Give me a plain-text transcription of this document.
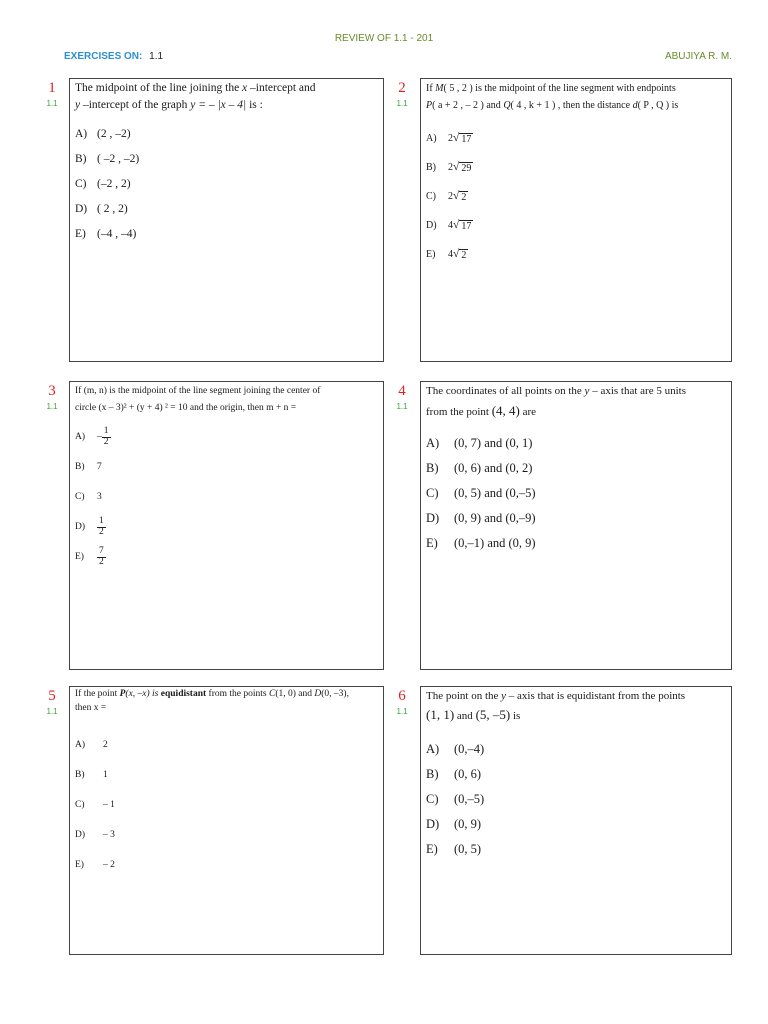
REVIEW OF 1.1 - 201
EXERCISES ON: 1.1	ABUJIYA R. M.
1
1.1
The midpoint of the line joining the x –intercept and
y –intercept of the graph y = – |x – 4| is :
A) (2 , –2)
B) ( –2 , –2)
C) (–2 , 2)
D) ( 2 , 2)
E) (–4 , –4)
2
1.1
If M( 5 , 2 ) is the midpoint of the line segment with endpoints
P( a + 2 , – 2 ) and Q( 4 , k + 1 ) , then the distance d( P , Q ) is
A)	2 √ 17
B)	2 √ 29
C)	2 √ 2
D)	4 √ 17
E)	4 √ 2
3
1.1
If (m, n) is the midpoint of the line segment joining the center of
circle (x – 3)² + (y + 4) ² = 10 and the origin, then m + n =
A)	– $\frac{1}{2}$
B)	7
C)	3
D)	$\frac{1}{2}$
E)	$\frac{7}{2}$
4
1.1
The coordinates of all points on the y – axis that are 5 units
from the point (4, 4) are
A)	(0, 7) and (0, 1)
B)	(0, 6) and (0, 2)
C)	(0, 5) and (0,–5)
D)	(0, 9) and (0,–9)
E)	(0,–1) and (0, 9)
5
1.1
If the point P(x, –x) is equidistant from the points C(1, 0) and D(0, –3),
then x =
A)	2
B)	1
C)	– 1
D)	– 3
E)	– 2
6
1.1
The point on the y – axis that is equidistant from the points
(1, 1) and (5, –5) is
A)	(0,–4)
B)	(0, 6)
C)	(0,–5)
D)	(0, 9)
E)	(0, 5)
